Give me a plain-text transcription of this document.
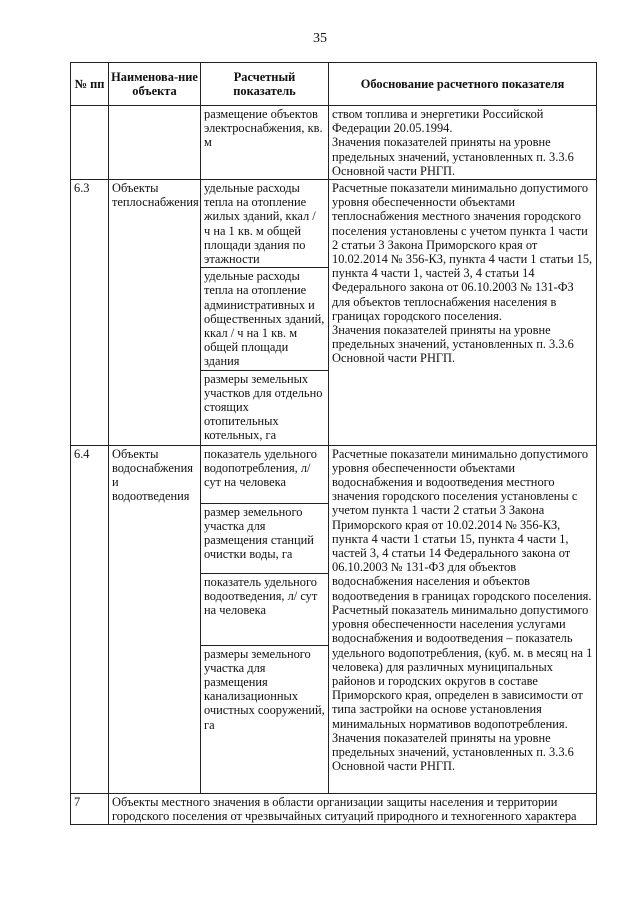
35
№ пп	Наименова-ние объекта	Расчетный показатель	Обоснование расчетного показателя
		размещение объектов электроснабжения, кв. м	ством топлива и энергетики Российской Федерации 20.05.1994.
Значения показателей приняты на уровне предельных значений, установленных п. 3.3.6 Основной части РНГП.

6.3	Объекты теплоснабжения	удельные расходы тепла на отопление жилых зданий, ккал / ч на 1 кв. м общей площади здания по этажности	Расчетные показатели минимально допустимого уровня обеспеченности объектами теплоснабжения местного значения городского поселения установлены с учетом пункта 1 части 2 статьи 3 Закона Приморского края от 10.02.2014 № 356-КЗ, пункта 4 части 1 статьи 15, пункта 4 части 1, частей 3, 4 статьи 14 Федерального закона от 06.10.2003 № 131-ФЗ для объектов теплоснабжения населения в границах городского поселения.
Значения показателей приняты на уровне предельных значений, установленных п. 3.3.6 Основной части РНГП.

		удельные расходы тепла на отопление административных и общественных зданий, ккал / ч на 1 кв. м общей площади здания	
		размеры земельных участков для отдельно стоящих отопительных котельных, га	
6.4	Объекты водоснабжения и водоотведения	показатель удельного водопотребления, л/ сут на человека	Расчетные показатели минимально допустимого уровня обеспеченности объектами водоснабжения и водоотведения местного значения городского поселения установлены с учетом пункта 1 части 2 статьи 3 Закона Приморского края от 10.02.2014 № 356-КЗ, пункта 4 части 1 статьи 15, пункта 4 части 1, частей 3, 4 статьи 14 Федерального закона от 06.10.2003 № 131-ФЗ для объектов водоснабжения населения и объектов водоотведения в границах городского поселения.
Расчетный показатель минимально допустимого уровня обеспеченности населения услугами водоснабжения и водоотведения – показатель удельного водопотребления, (куб. м. в месяц на 1 человека) для различных муниципальных районов и городских округов в составе Приморского края, определен в зависимости от типа застройки на основе установления минимальных нормативов водопотребления.
Значения показателей приняты на уровне предельных значений, установленных п. 3.3.6 Основной части РНГП.

		размер земельного участка для размещения станций очистки воды, га	
		показатель удельного водоотведения, л/ сут на человека	
		размеры земельного участка для размещения канализационных очистных сооружений, га	
7	Объекты местного значения в области организации защиты населения и территории городского поселения от чрезвычайных ситуаций природного и техногенного характера		
